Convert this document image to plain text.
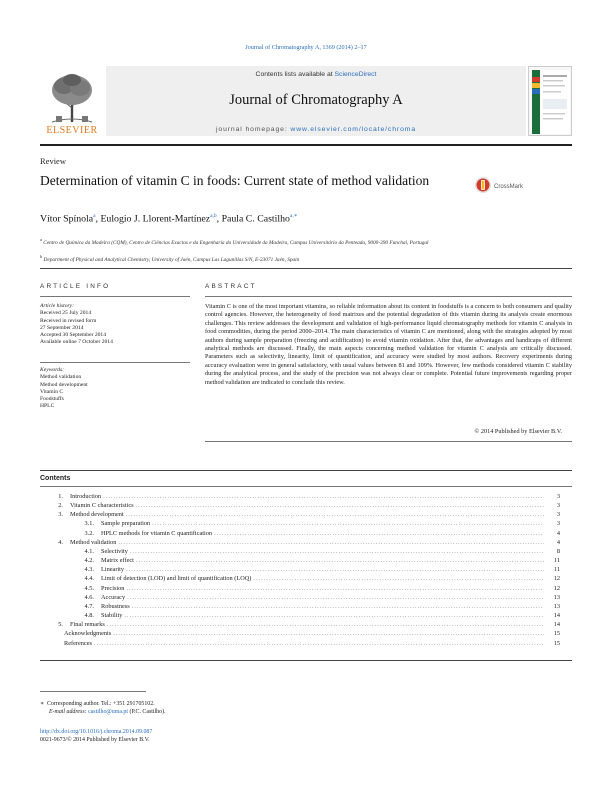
Journal of Chromatography A, 1369 (2014) 2–17
ELSEVIER
Contents lists available at ScienceDirect
Journal of Chromatography A
journal homepage: www.elsevier.com/locate/chroma
Review
Determination of vitamin C in foods: Current state of method validation	CrossMark
Vítor Spínola$^a$, Eulogio J. Llorent-Martínez$^{a,b}$, Paula C. Castilho$^{a,∗}$
$^a$ Centro de Química da Madeira (CQM), Centro de Ciências Exactas e da Engenharia da Universidade da Madeira, Campus Universitário da Penteada, 9000-390 Funchal, Portugal
$^b$ Department of Physical and Analytical Chemistry, University of Jaén, Campus Las Lagunillas S/N, E-23071 Jaén, Spain
ARTICLE INFO
Article history:
Received 25 July 2014
Received in revised form
27 September 2014
Accepted 30 September 2014
Available online 7 October 2014
Keywords:
Method validation
Method development
Vitamin C
Foodstuffs
HPLC
ABSTRACT
Vitamin C is one of the most important vitamins, so reliable information about its content in foodstuffs is a concern to both consumers and quality control agencies. However, the heterogeneity of food matrixes and the potential degradation of this vitamin during its analysis create enormous challenges. This review addresses the development and validation of high-performance liquid chromatography methods for vitamin C analysis in food commodities, during the period 2000–2014. The main characteristics of vitamin C are mentioned, along with the strategies adopted by most authors during sample preparation (freezing and acidification) to avoid vitamin oxidation. After that, the advantages and handicaps of different analytical methods are discussed. Finally, the main aspects concerning method validation for vitamin C analysis are critically discussed. Parameters such as selectivity, linearity, limit of quantification, and accuracy were studied by most authors. Recovery experiments during accuracy evaluation were in general satisfactory, with usual values between 81 and 109%. However, few methods considered vitamin C stability during the analytical process, and the study of the precision was not always clear or complete. Potential future improvements regarding proper method validation are indicated to conclude this review.
© 2014 Published by Elsevier B.V.
Contents
1.	Introduction .....	3
2.	Vitamin C characteristics .....	3
3.	Method development .....	3
3.1.	Sample preparation .....	3
3.2.	HPLC methods for vitamin C quantification .....	4
4.	Method validation .....	4
4.1.	Selectivity .....	8
4.2.	Matrix effect .....	11
4.3.	Linearity .....	11
4.4.	Limit of detection (LOD) and limit of quantification (LOQ) .....	12
4.5.	Precision .....	12
4.6.	Accuracy .....	13
4.7.	Robustness .....	13
4.8.	Stability .....	14
5.	Final remarks .....	14
Acknowledgments .....	15
References .....	15
∗ Corresponding author. Tel.: +351 291705102.
E-mail address: castilho@uma.pt (P.C. Castilho).
http://dx.doi.org/10.1016/j.chroma.2014.09.087
0021-9673/© 2014 Published by Elsevier B.V.
